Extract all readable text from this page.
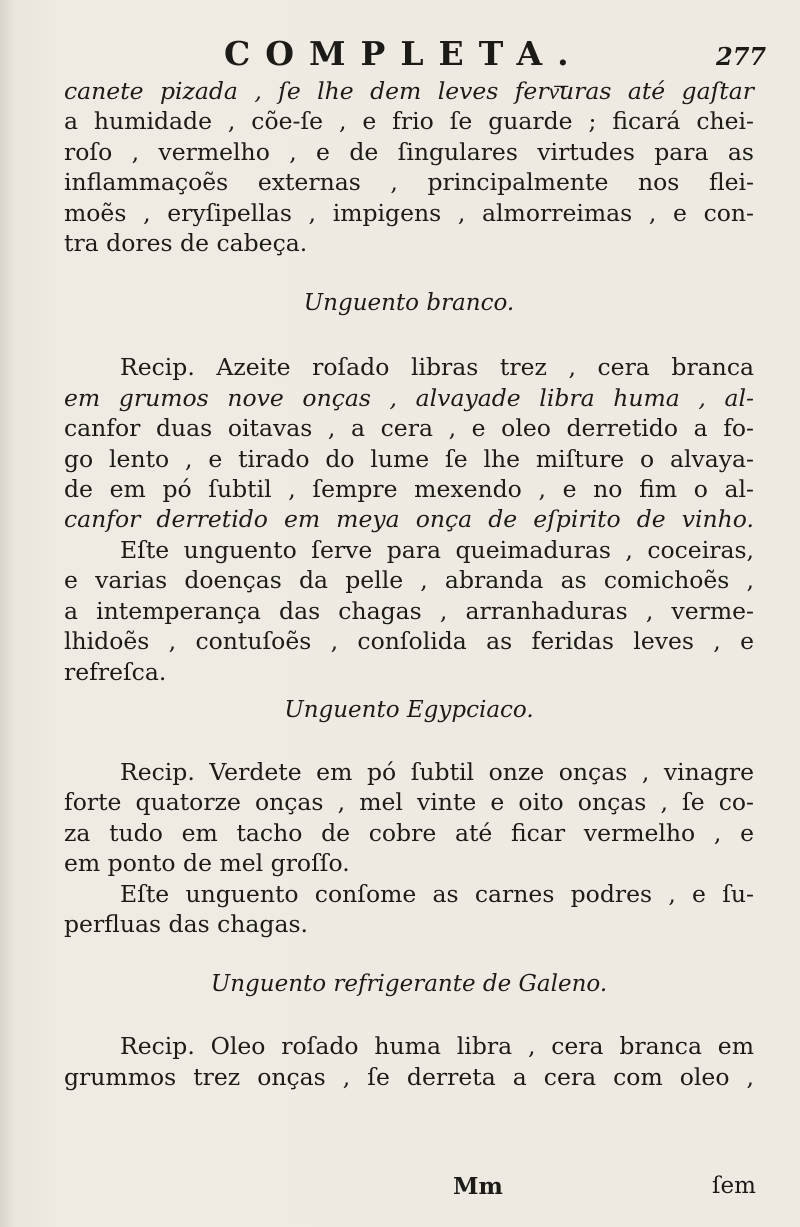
COMPLETA.	277
canete pizada , ſe lhe dem leves ferv͞uras até gaſtar
a humidade , cõe-ſe , e frio ſe guarde ; ficará chei-
roſo , vermelho , e de ſingulares virtudes para as
inflammaçoẽs externas , principalmente nos flei-
moẽs , eryſipellas , impigens , almorreimas , e con-
tra dores de cabeça.
Unguento branco.
Recip. Azeite roſado libras trez , cera branca
em grumos nove onças , alvayade libra huma , al-
canfor duas oitavas , a cera , e oleo derretido a fo-
go lento , e tirado do lume ſe lhe miſture o alvaya-
de em pó ſubtil , ſempre mexendo , e no fim o al-
canfor derretido em meya onça de eſpirito de vinho.
Eſte unguento ſerve para queimaduras , coceiras,
e varias doenças da pelle , abranda as comichoẽs ,
a intemperança das chagas , arranhaduras , verme-
lhidoẽs , contuſoẽs , conſolida as feridas leves , e
refreſca.
Unguento Egypciaco.
Recip. Verdete em pó ſubtil onze onças , vinagre
forte quatorze onças , mel vinte e oito onças , ſe co-
za tudo em tacho de cobre até ficar vermelho , e
em ponto de mel groſſo.
Eſte unguento conſome as carnes podres , e ſu-
perfluas das chagas.
Unguento refrigerante de Galeno.
Recip. Oleo roſado huma libra , cera branca em
grummos trez onças , ſe derreta a cera com oleo ,
Mm	ſem
